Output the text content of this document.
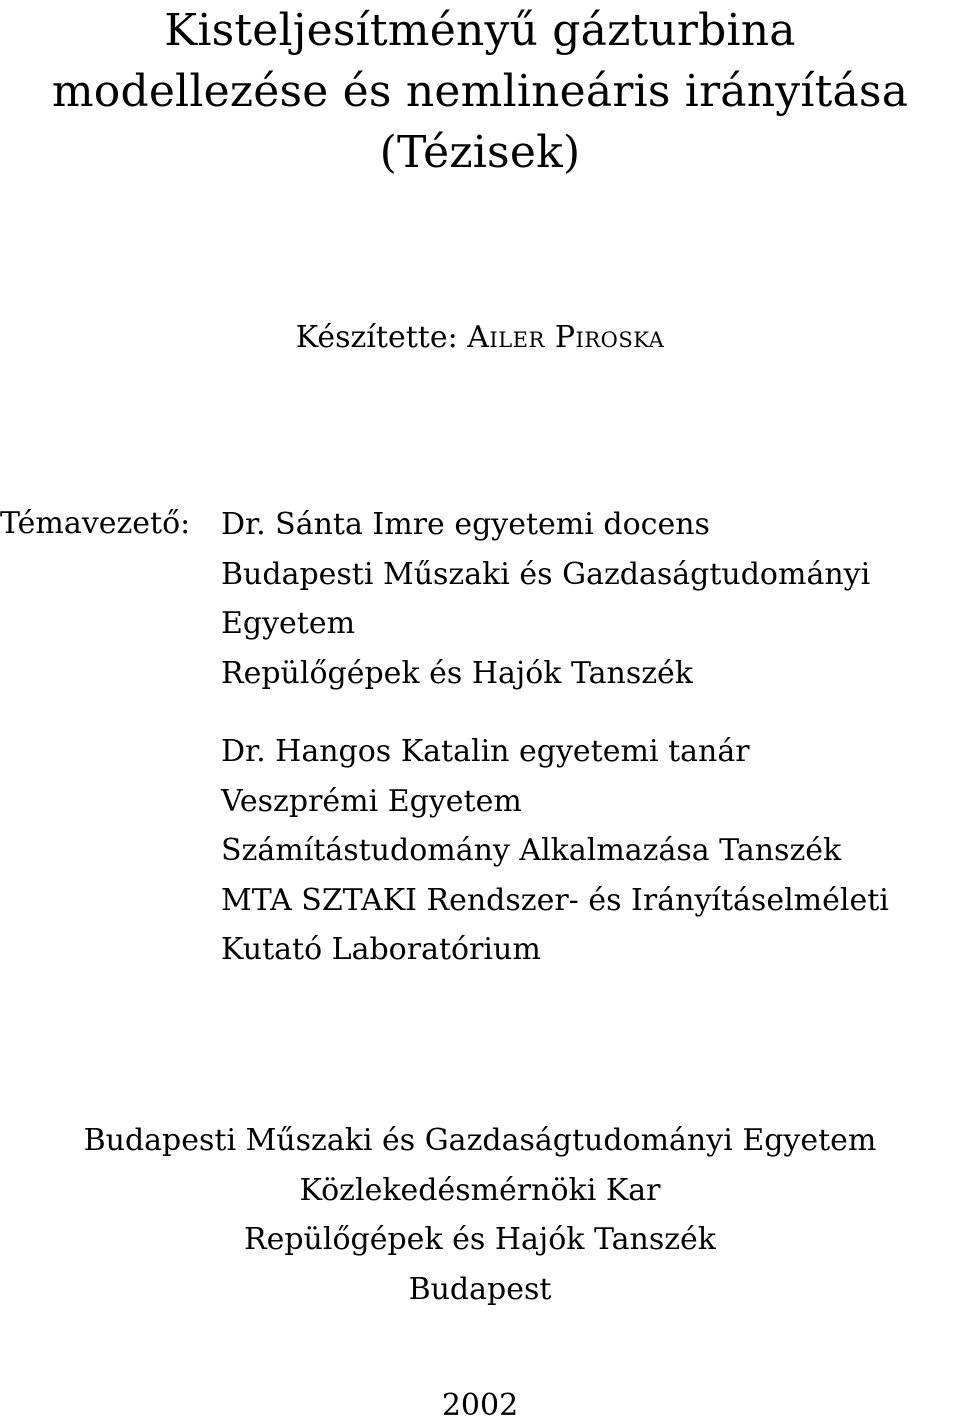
Kisteljesítményű gázturbina
modellezése és nemlineáris irányítása
(Tézisek)
Készítette: Ailer Piroska
Témavezető: Dr. Sánta Imre egyetemi docens
Budapesti Műszaki és Gazdaságtudományi
Egyetem
Repülőgépek és Hajók Tanszék
Dr. Hangos Katalin egyetemi tanár
Veszprémi Egyetem
Számítástudomány Alkalmazása Tanszék
MTA SZTAKI Rendszer- és Irányításelméleti
Kutató Laboratórium
Budapesti Műszaki és Gazdaságtudományi Egyetem
Közlekedésmérnöki Kar
Repülőgépek és Hajók Tanszék
Budapest
2002
